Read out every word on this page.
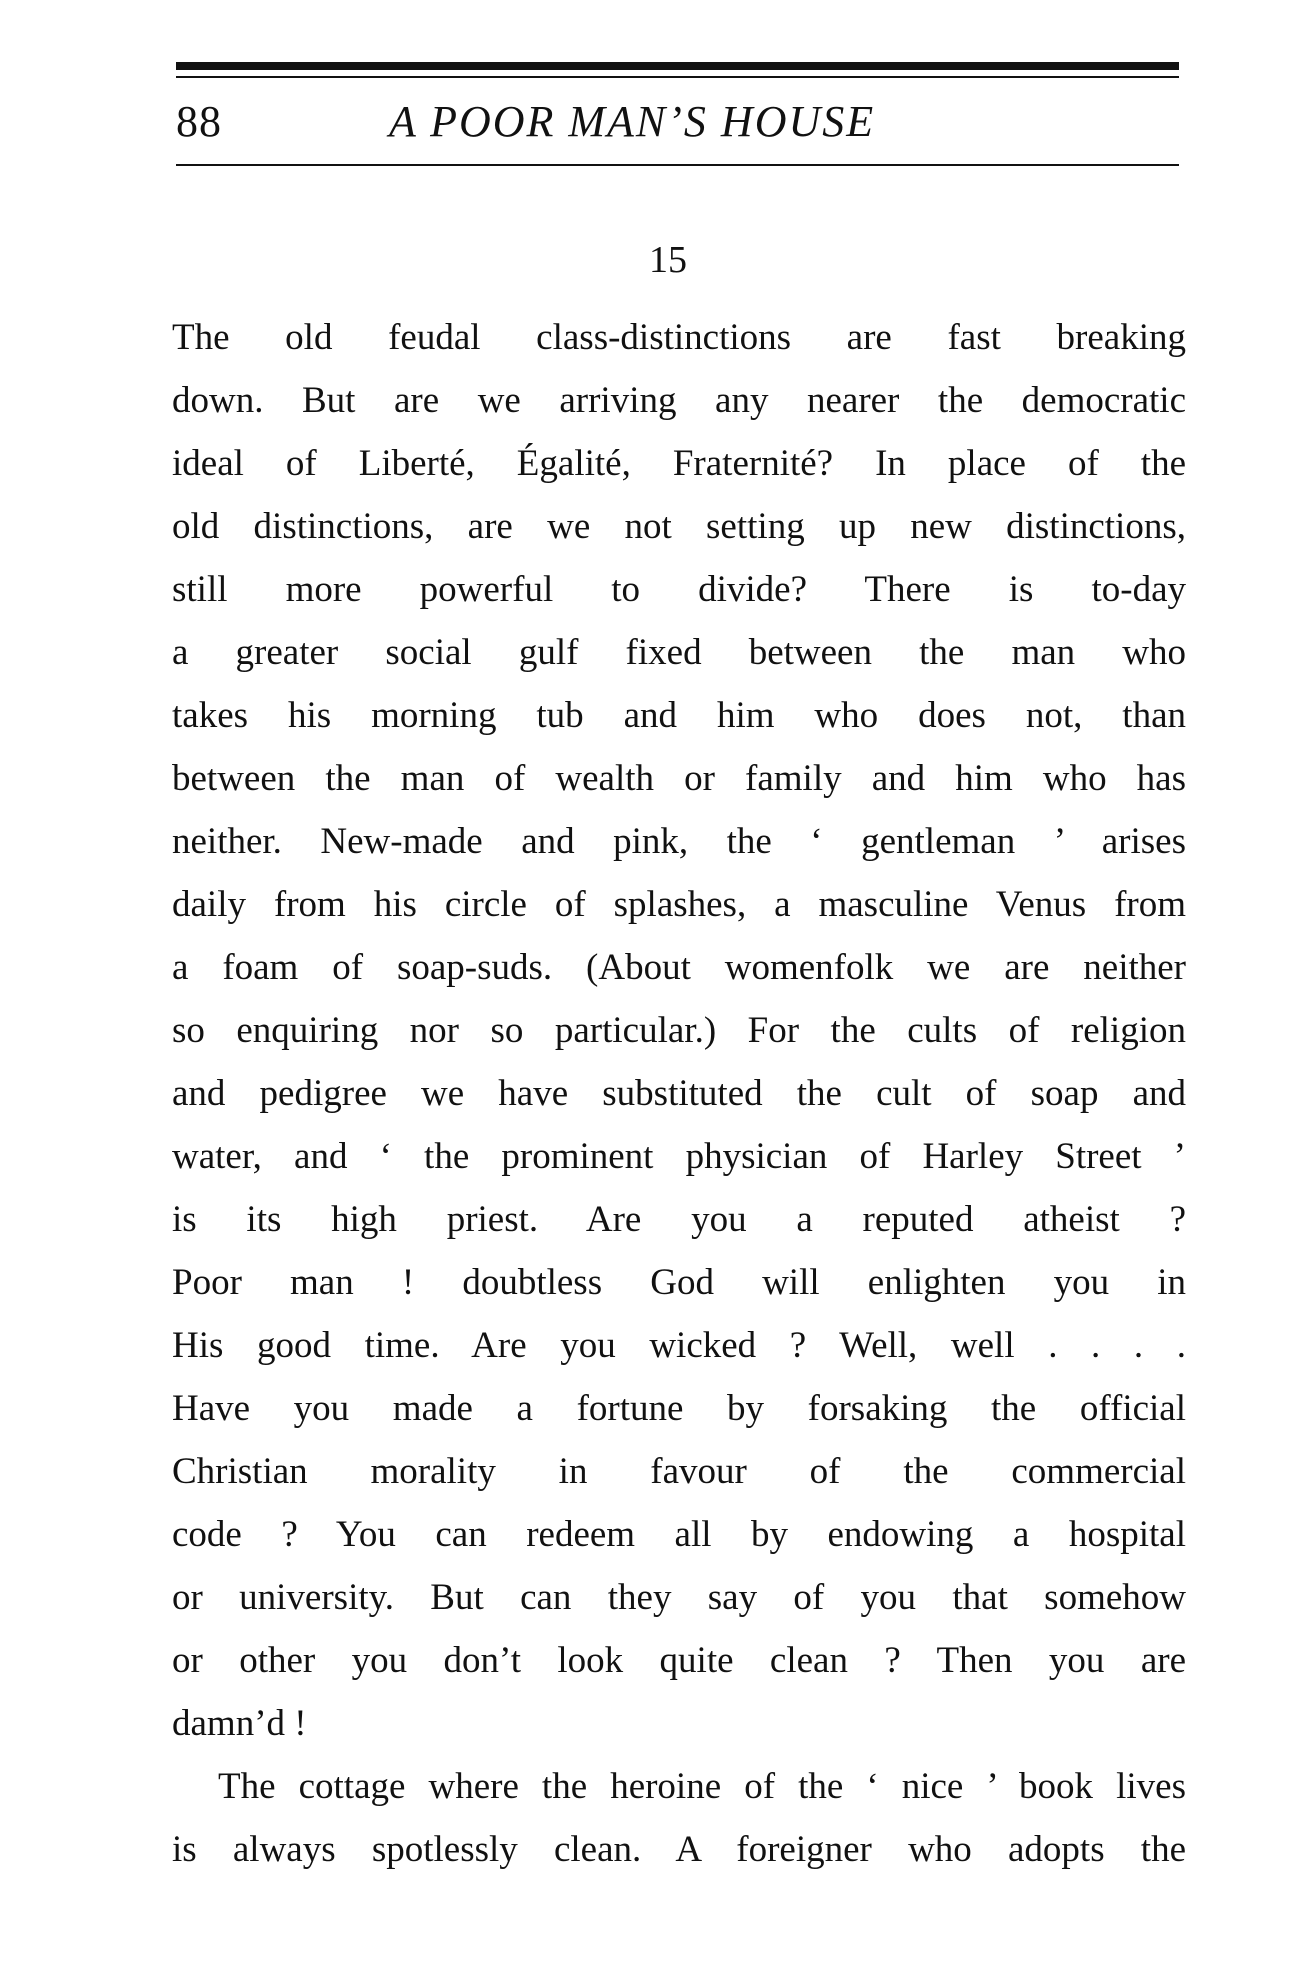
88	A POOR MAN’S HOUSE
15
The old feudal class-distinctions are fast breaking
down. But are we arriving any nearer the democratic
ideal of Liberté, Égalité, Fraternité? In place of the
old distinctions, are we not setting up new distinctions,
still more powerful to divide? There is to-day
a greater social gulf fixed between the man who
takes his morning tub and him who does not, than
between the man of wealth or family and him who has
neither. New-made and pink, the ‘ gentleman ’ arises
daily from his circle of splashes, a masculine Venus from
a foam of soap-suds. (About womenfolk we are neither
so enquiring nor so particular.) For the cults of religion
and pedigree we have substituted the cult of soap and
water, and ‘ the prominent physician of Harley Street ’
is its high priest. Are you a reputed atheist ?
Poor man ! doubtless God will enlighten you in
His good time. Are you wicked ? Well, well . . . .
Have you made a fortune by forsaking the official
Christian morality in favour of the commercial
code ? You can redeem all by endowing a hospital
or university. But can they say of you that somehow
or other you don’t look quite clean ? Then you are
damn’d !
The cottage where the heroine of the ‘ nice ’ book lives
is always spotlessly clean. A foreigner who adopts the
